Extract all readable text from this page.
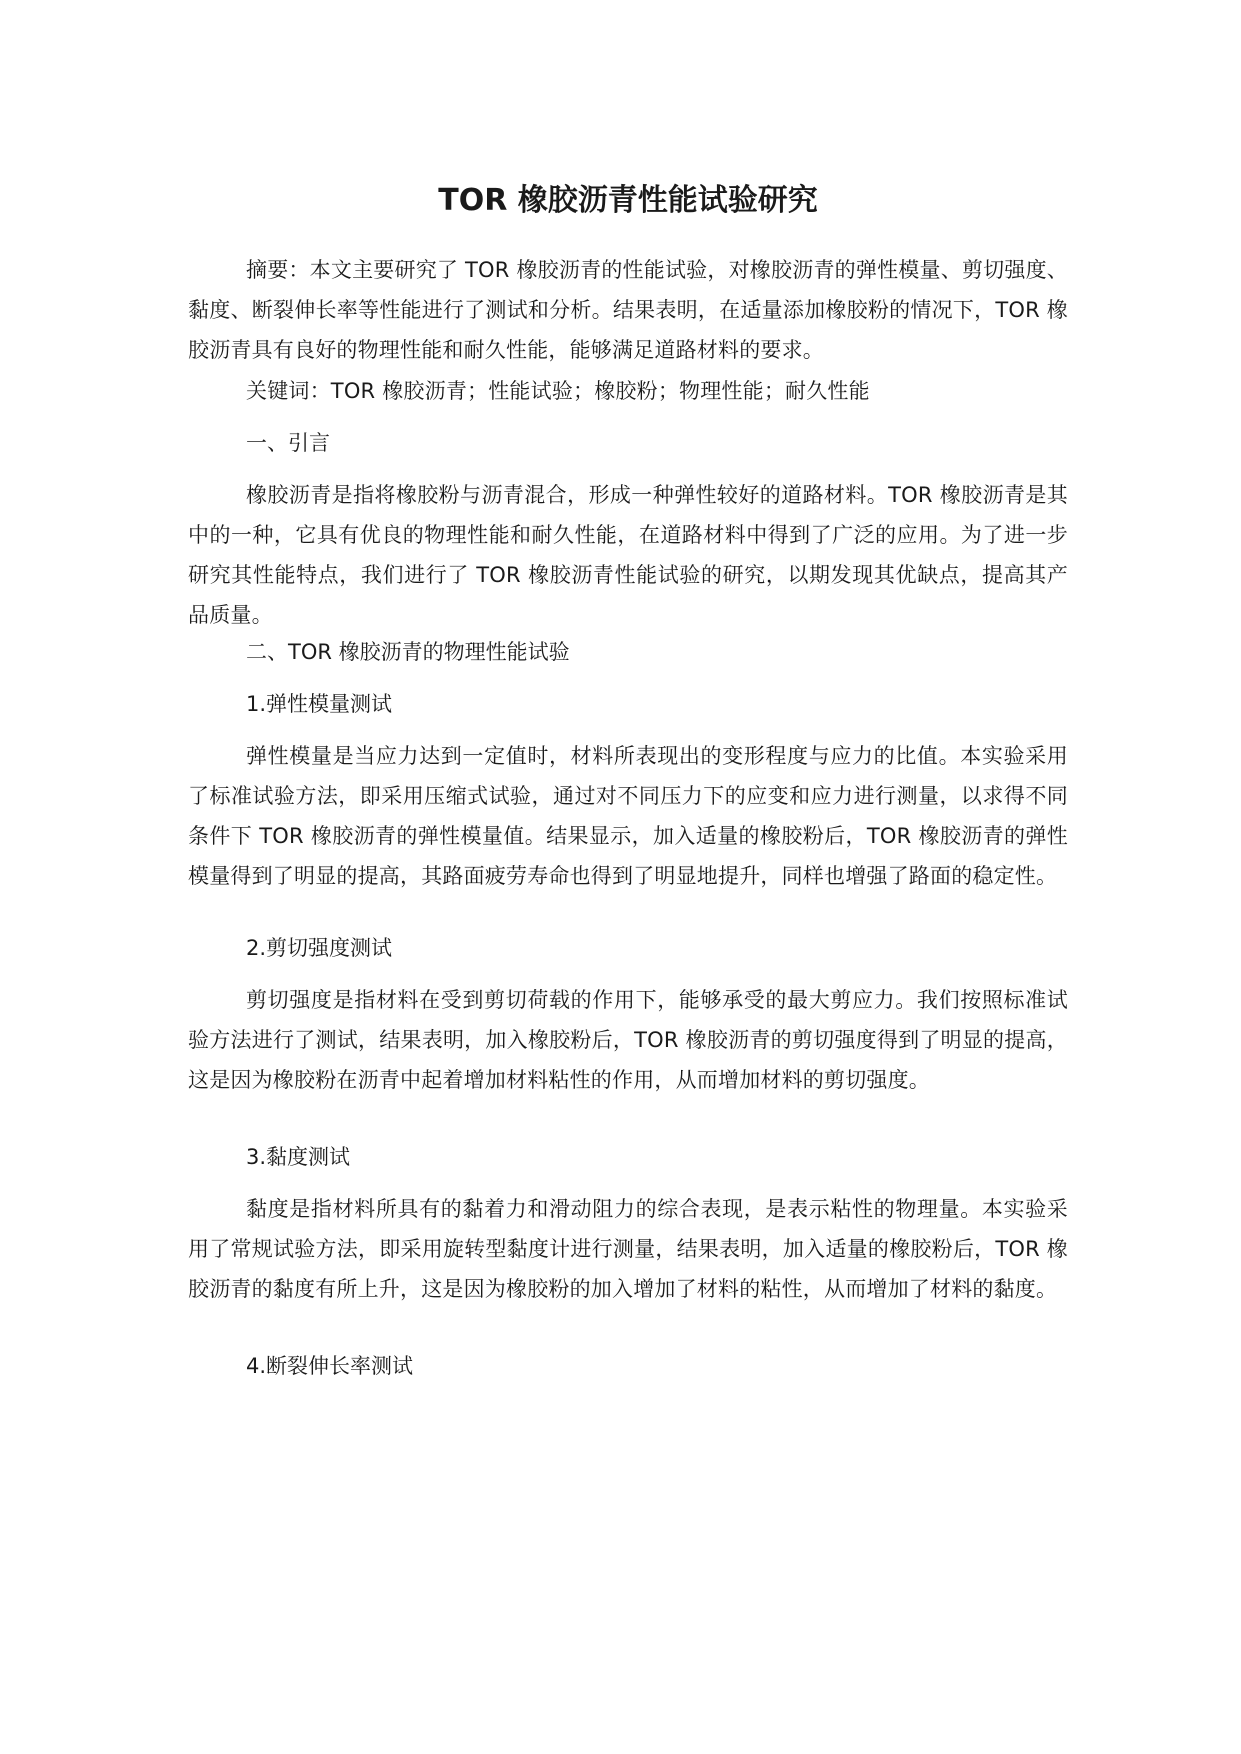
TOR 橡胶沥青性能试验研究

摘要：本文主要研究了 TOR 橡胶沥青的性能试验，对橡胶沥青的弹性模量、剪切强度、黏度、断裂伸长率等性能进行了测试和分析。结果表明，在适量添加橡胶粉的情况下，TOR 橡胶沥青具有良好的物理性能和耐久性能，能够满足道路材料的要求。

关键词：TOR 橡胶沥青；性能试验；橡胶粉；物理性能；耐久性能

一、引言

橡胶沥青是指将橡胶粉与沥青混合，形成一种弹性较好的道路材料。TOR 橡胶沥青是其中的一种，它具有优良的物理性能和耐久性能，在道路材料中得到了广泛的应用。为了进一步研究其性能特点，我们进行了 TOR 橡胶沥青性能试验的研究，以期发现其优缺点，提高其产品质量。

二、TOR 橡胶沥青的物理性能试验
1.弹性模量测试

弹性模量是当应力达到一定值时，材料所表现出的变形程度与应力的比值。本实验采用了标准试验方法，即采用压缩式试验，通过对不同压力下的应变和应力进行测量，以求得不同条件下 TOR 橡胶沥青的弹性模量值。结果显示，加入适量的橡胶粉后，TOR 橡胶沥青的弹性模量得到了明显的提高，其路面疲劳寿命也得到了明显地提升，同样也增强了路面的稳定性。

2.剪切强度测试

剪切强度是指材料在受到剪切荷载的作用下，能够承受的最大剪应力。我们按照标准试验方法进行了测试，结果表明，加入橡胶粉后，TOR 橡胶沥青的剪切强度得到了明显的提高，这是因为橡胶粉在沥青中起着增加材料粘性的作用，从而增加材料的剪切强度。

3.黏度测试

黏度是指材料所具有的黏着力和滑动阻力的综合表现，是表示粘性的物理量。本实验采用了常规试验方法，即采用旋转型黏度计进行测量，结果表明，加入适量的橡胶粉后，TOR 橡胶沥青的黏度有所上升，这是因为橡胶粉的加入增加了材料的粘性，从而增加了材料的黏度。

4.断裂伸长率测试
